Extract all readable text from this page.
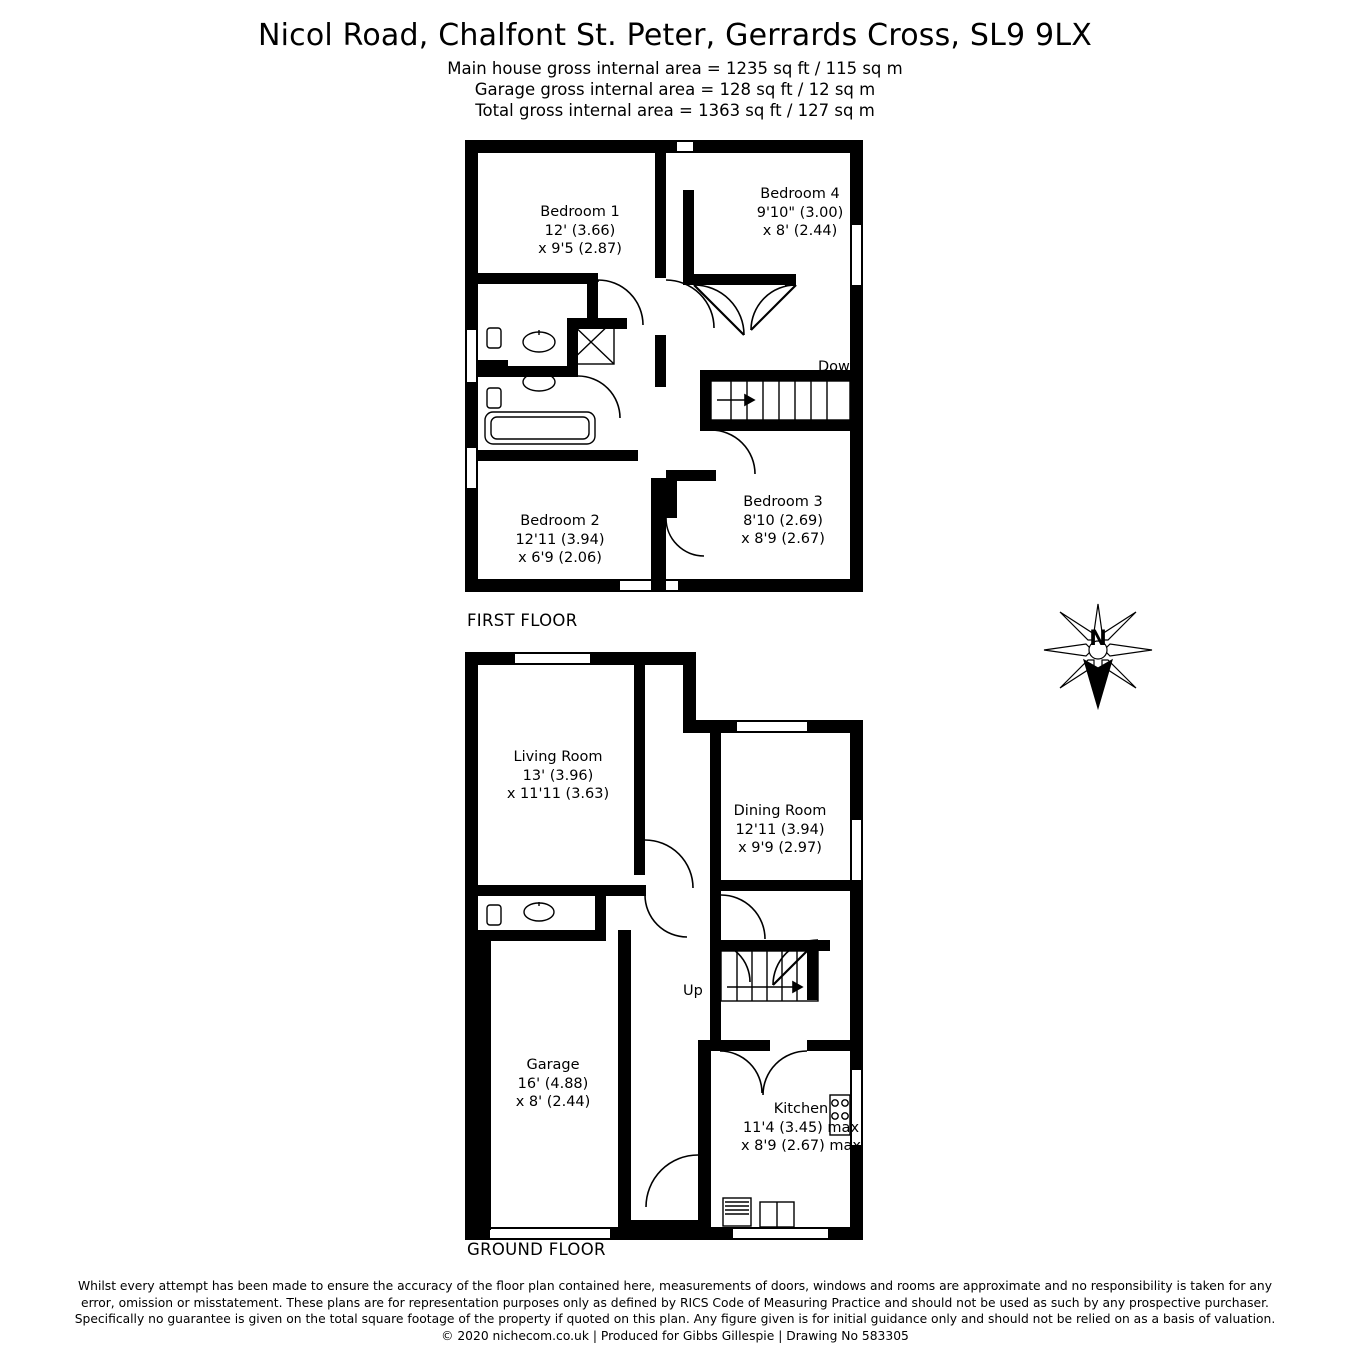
Nicol Road, Chalfont St. Peter, Gerrards Cross, SL9 9LX
Main house gross internal area = 1235 sq ft / 115 sq m
Garage gross internal area = 128 sq ft / 12 sq m
Total gross internal area = 1363 sq ft / 127 sq m
Bedroom 1
12' (3.66)
x 9'5 (2.87)
Bedroom 4
9'10" (3.00)
x 8' (2.44)
Bedroom 2
12'11 (3.94)
x 6'9 (2.06)
Bedroom 3
8'10 (2.69)
x 8'9 (2.67)
Down
FIRST FLOOR
Living Room
13' (3.96)
x 11'11 (3.63)
Dining Room
12'11 (3.94)
x 9'9 (2.97)
Garage
16' (4.88)
x 8' (2.44)	Kitchen
11'4 (3.45) max
x 8'9 (2.67) max
Up
GROUND FLOOR
N
Whilst every attempt has been made to ensure the accuracy of the floor plan contained here, measurements of doors, windows and rooms are approximate and no responsibility is taken for any
error, omission or misstatement. These plans are for representation purposes only as defined by RICS Code of Measuring Practice and should not be used as such by any prospective purchaser.
Specifically no guarantee is given on the total square footage of the property if quoted on this plan. Any figure given is for initial guidance only and should not be relied on as a basis of valuation.
© 2020 nichecom.co.uk | Produced for Gibbs Gillespie | Drawing No 583305
